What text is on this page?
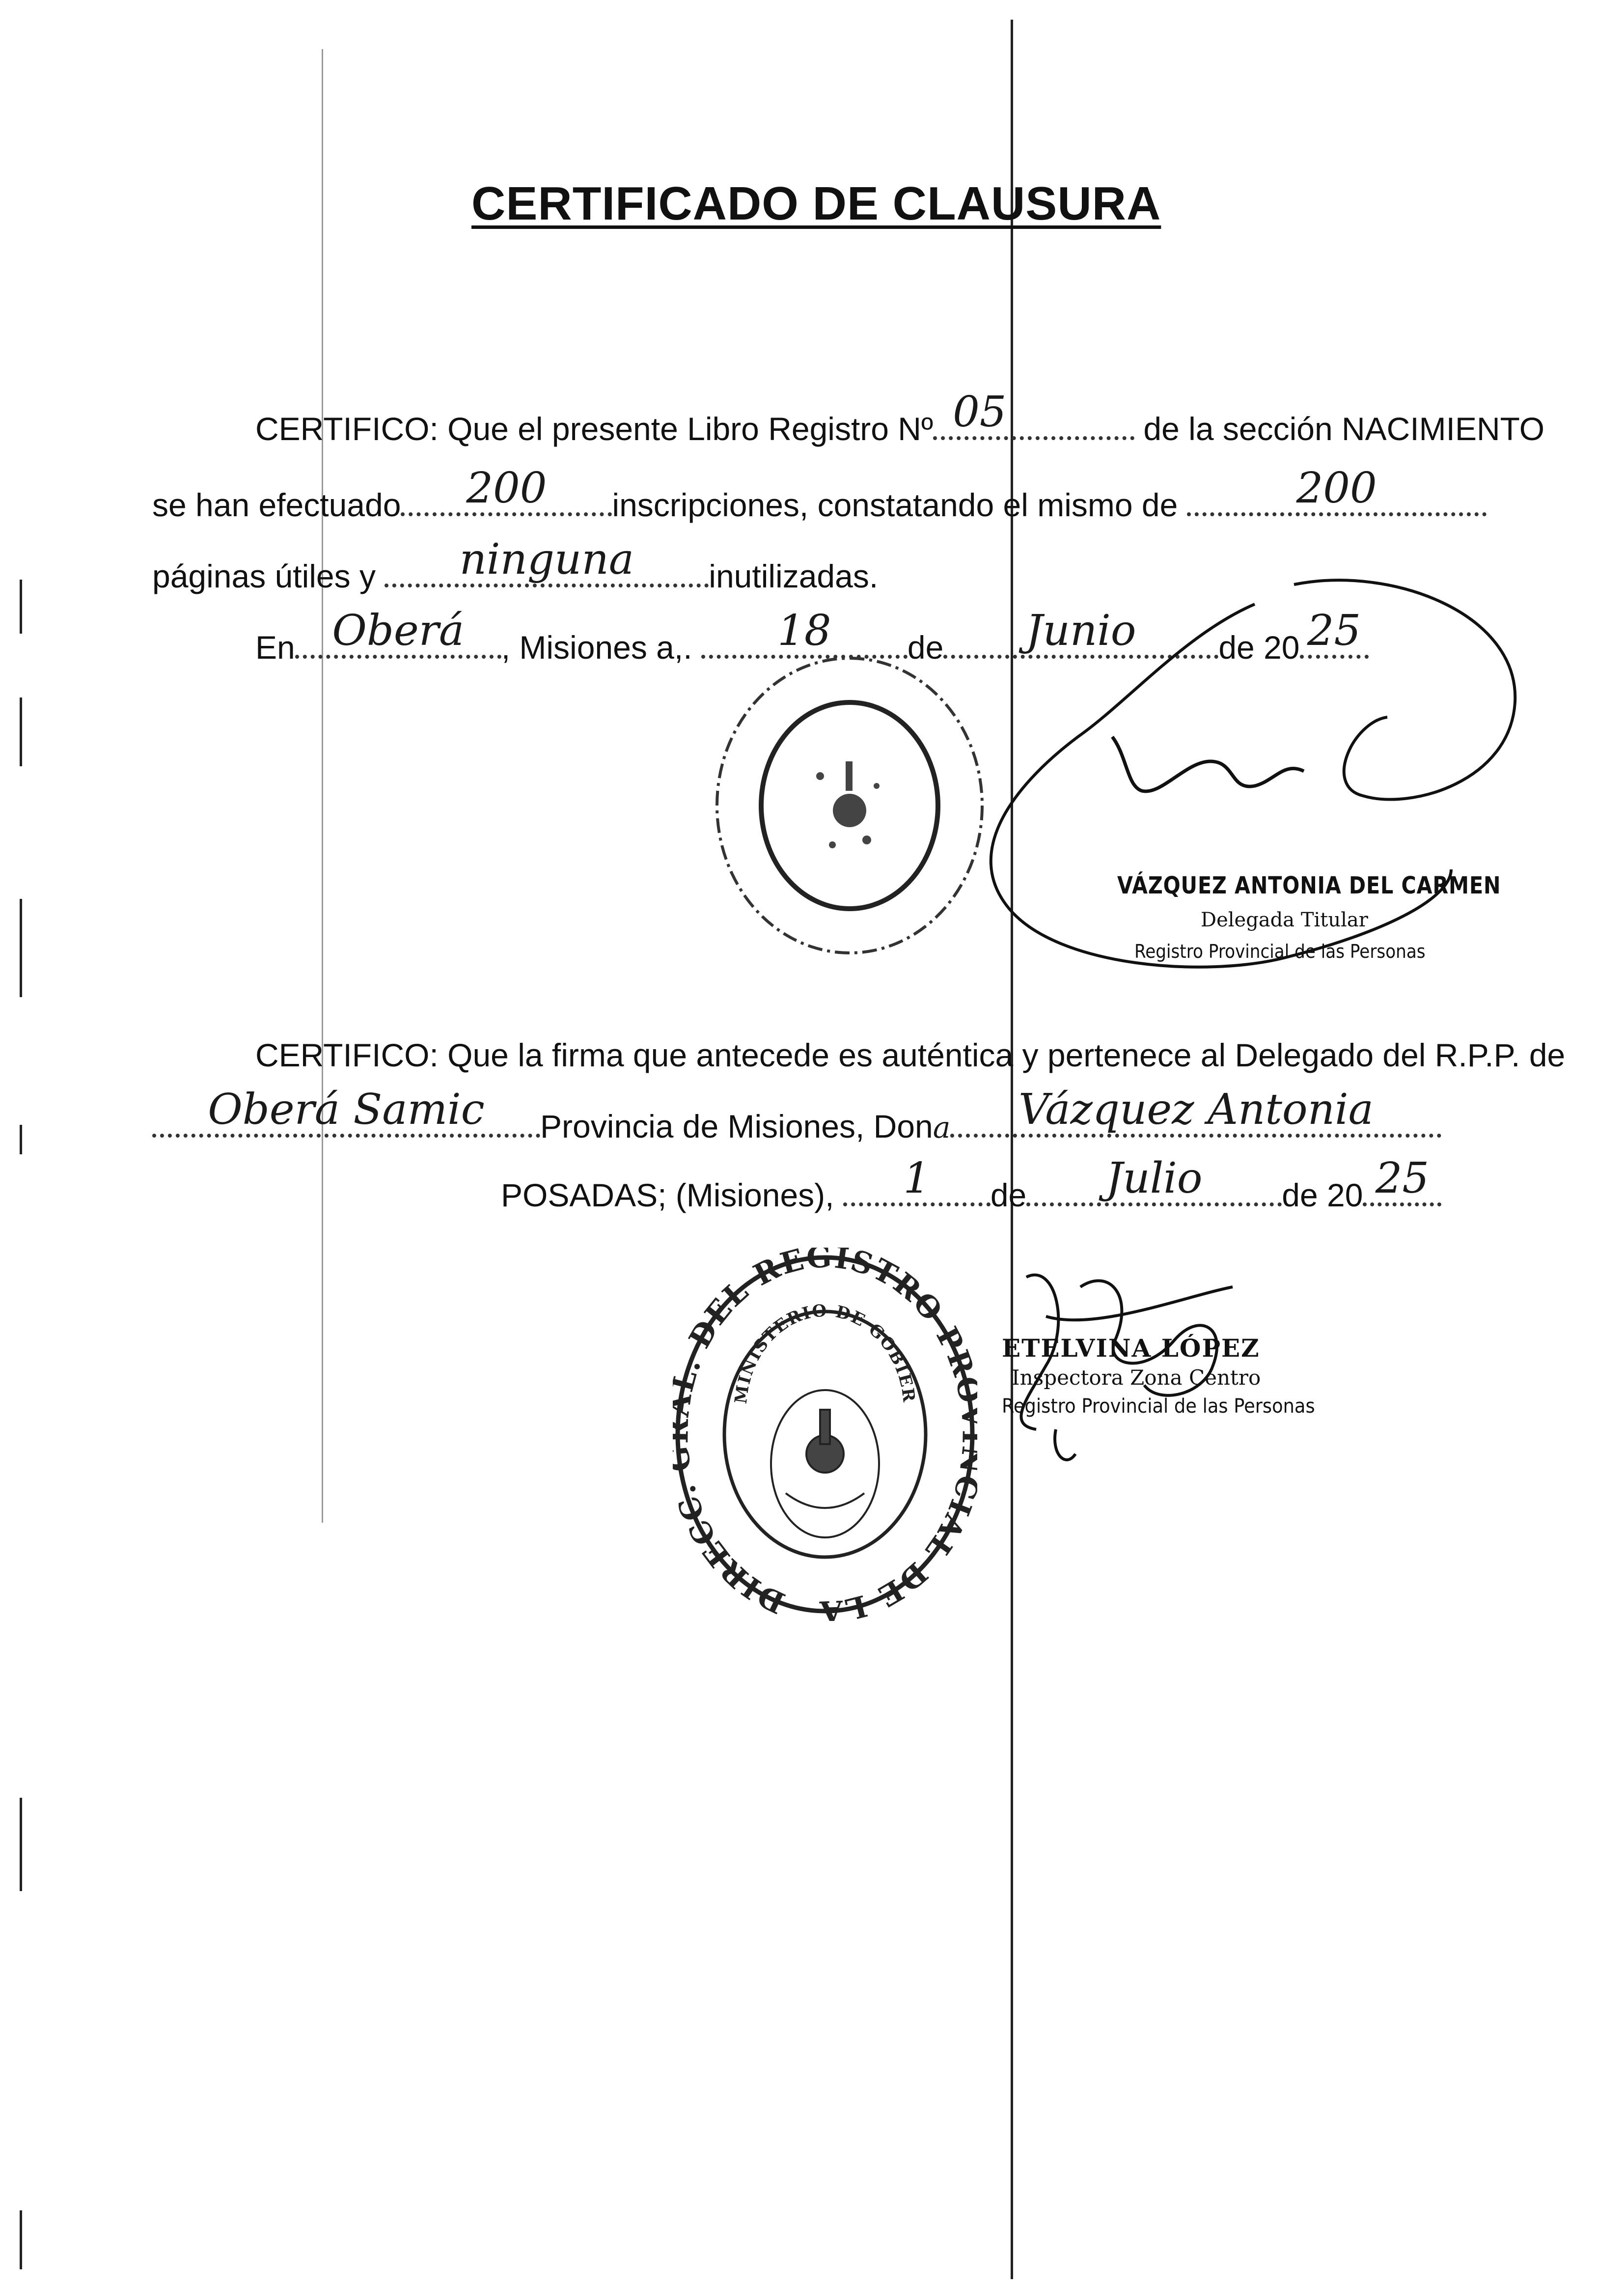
CERTIFICADO DE CLAUSURA
CERTIFICO: Que el presente Libro Registro Nº 05	de la sección NACIMIENTO
se han efectuado	200	inscripciones, constatando el mismo de	200
páginas útiles y	ninguna	inutilizadas.
En Oberá	, Misiones a,.	18	de	Junio	de 20 25
VÁZQUEZ ANTONIA DEL CARMEN
Delegada Titular
Registro Provincial de las Personas
CERTIFICO: Que la firma que antecede es auténtica y pertenece al Delegado del R.P.P. de
Oberá Samic	Provincia de Misiones, Dona	Vázquez Antonia
POSADAS; (Misiones),	1	de	Julio	de 20 25
DIRECC . DEL REGISTRO PR IAL DE LA
MINISTERIO DE GOBIER
ETELVINA LÓPEZ
Inspectora Zona Centro
Registro Provincial de las Personas
